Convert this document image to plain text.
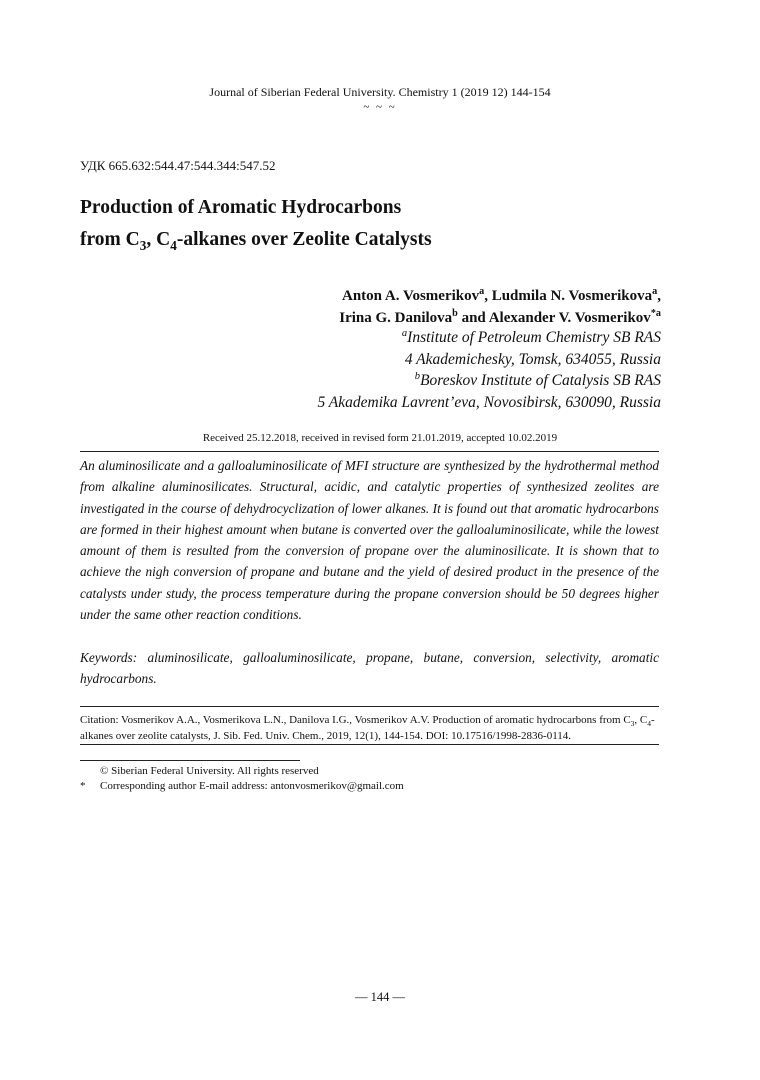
Journal of Siberian Federal University. Chemistry 1 (2019 12) 144-154
~ ~ ~
УДК 665.632:544.47:544.344:547.52
Production of Aromatic Hydrocarbons
from $C_3$, $C_4$-alkanes over Zeolite Catalysts
Anton A. Vosmerikov$^a$, Ludmila N. Vosmerikova$^a$,
Irina G. Danilova$^b$ and Alexander V. Vosmerikov$^{*a}$
$^a$Institute of Petroleum Chemistry SB RAS
4 Akademichesky, Tomsk, 634055, Russia
$^b$Boreskov Institute of Catalysis SB RAS
5 Akademika Lavrent’eva, Novosibirsk, 630090, Russia
Received 25.12.2018, received in revised form 21.01.2019, accepted 10.02.2019
An aluminosilicate and a galloaluminosilicate of MFI structure are synthesized by the hydrothermal method from alkaline aluminosilicates. Structural, acidic, and catalytic properties of synthesized zeolites are investigated in the course of dehydrocyclization of lower alkanes. It is found out that aromatic hydrocarbons are formed in their highest amount when butane is converted over the galloaluminosilicate, while the lowest amount of them is resulted from the conversion of propane over the aluminosilicate. It is shown that to achieve the nigh conversion of propane and butane and the yield of desired product in the presence of the catalysts under study, the process temperature during the propane conversion should be 50 degrees higher under the same other reaction conditions.
Keywords: aluminosilicate, galloaluminosilicate, propane, butane, conversion, selectivity, aromatic hydrocarbons.
Citation: Vosmerikov A.A., Vosmerikova L.N., Danilova I.G., Vosmerikov A.V. Production of aromatic hydrocarbons from $C_3$, $C_4$-alkanes over zeolite catalysts, J. Sib. Fed. Univ. Chem., 2019, 12(1), 144-154. DOI: 10.17516/1998-2836-0114.
© Siberian Federal University. All rights reserved
* Corresponding author E-mail address: antonvosmerikov@gmail.com
― 144 ―
